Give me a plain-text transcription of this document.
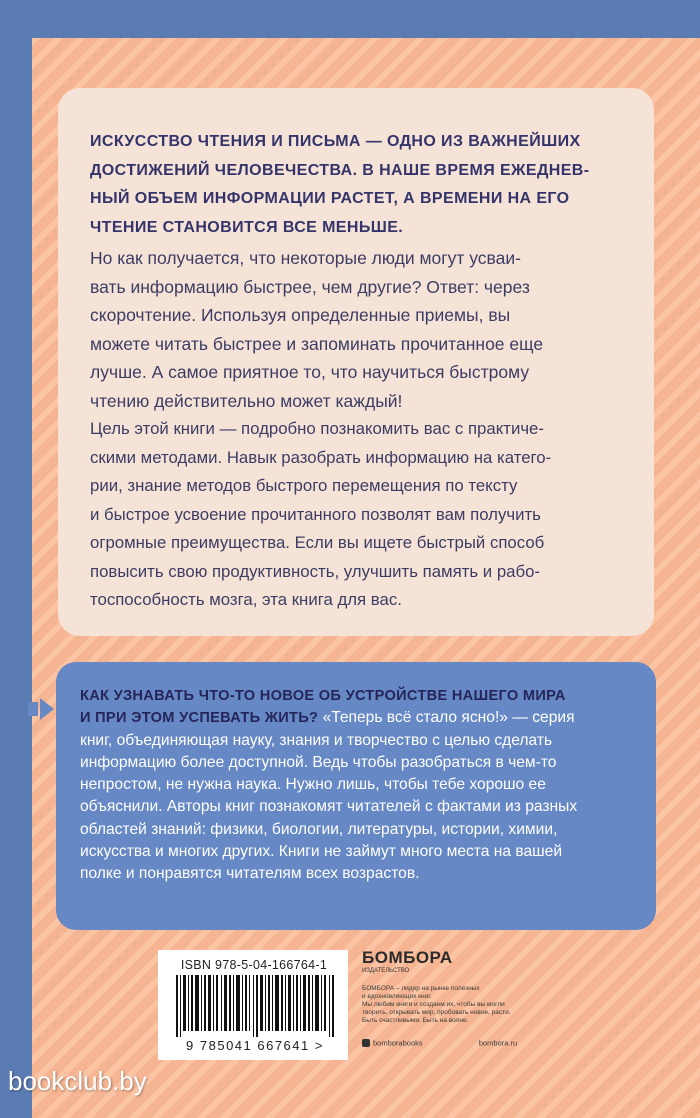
ИСКУССТВО ЧТЕНИЯ И ПИСЬМА — ОДНО ИЗ ВАЖНЕЙШИХ
ДОСТИЖЕНИЙ ЧЕЛОВЕЧЕСТВА. В НАШЕ ВРЕМЯ ЕЖЕДНЕВ-
НЫЙ ОБЪЕМ ИНФОРМАЦИИ РАСТЕТ, А ВРЕМЕНИ НА ЕГО
ЧТЕНИЕ СТАНОВИТСЯ ВСЕ МЕНЬШЕ.

Но как получается, что некоторые люди могут усваи-
вать информацию быстрее, чем другие? Ответ: через
скорочтение. Используя определенные приемы, вы
можете читать быстрее и запоминать прочитанное еще
лучше. А самое приятное то, что научиться быстрому
чтению действительно может каждый!

Цель этой книги — подробно познакомить вас с практиче-
скими методами. Навык разобрать информацию на катего-
рии, знание методов быстрого перемещения по тексту
и быстрое усвоение прочитанного позволят вам получить
огромные преимущества. Если вы ищете быстрый способ
повысить свою продуктивность, улучшить память и рабо-
тоспособность мозга, эта книга для вас.

КАК УЗНАВАТЬ ЧТО-ТО НОВОЕ ОБ УСТРОЙСТВЕ НАШЕГО МИРА
И ПРИ ЭТОМ УСПЕВАТЬ ЖИТЬ? «Теперь всё стало ясно!» — серия
книг, объединяющая науку, знания и творчество с целью сделать
информацию более доступной. Ведь чтобы разобраться в чем-то
непростом, не нужна наука. Нужно лишь, чтобы тебе хорошо ее
объяснили. Авторы книг познакомят читателей с фактами из разных
областей знаний: физики, биологии, литературы, истории, химии,
искусства и многих других. Книги не займут много места на вашей
полке и понравятся читателям всех возрастов.

ISBN 978-5-04-166764-1
9 785041 667641 >
БОМБОРА
ИЗДАТЕЛЬСТВО
БОМБОРА – лидер на рынке полезных
и вдохновляющих книг.
Мы любим книги и создаем их, чтобы вы могли
творить, открывать мир, пробовать новое, расти.
Быть счастливыми. Быть на волне.
bomborabooks	bombora.ru
bookclub.by
